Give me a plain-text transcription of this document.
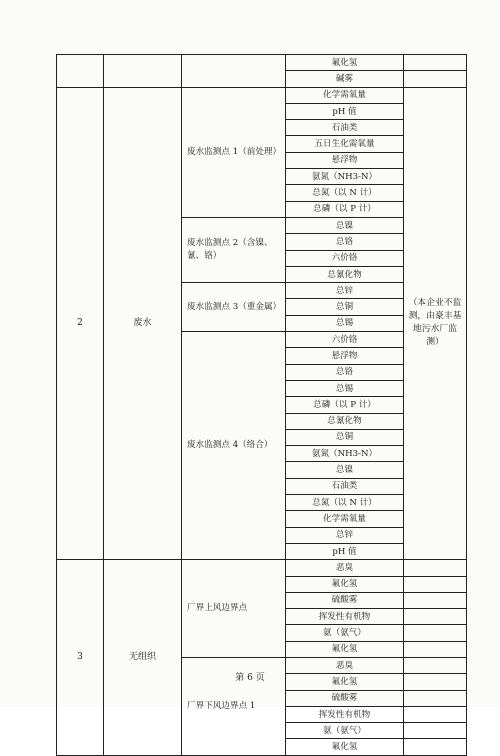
			氟化氢	
			碱雾	
2	废水	废水监测点 1（前处理）	化学需氧量	（本企业不监测，由豪丰基地污水厂监测）
			pH 值	
			石油类	
			五日生化需氧量	
			悬浮物	
			氨氮（NH3-N）	
			总氮（以 N 计）	
			总磷（以 P 计）	
		废水监测点 2（含镍、氰、铬）	总镍	
			总铬	
			六价铬	
			总氰化物	
		废水监测点 3（重金属）	总锌	
			总铜	
			总锡	
		废水监测点 4（络合）	六价铬	
			悬浮物	
			总铬	
			总锡	
			总磷（以 P 计）	
			总氰化物	
			总铜	
			氨氮（NH3-N）	
			总镍	
			石油类	
			总氮（以 N 计）	
			化学需氧量	
			总锌	
			pH 值	
3	无组织	厂界上风边界点	恶臭	
			氟化氢	
			硫酸雾	
			挥发性有机物	
			氨（氨气）	
			氟化氢	
		厂界下风边界点 1	恶臭	
			氟化氢	
			硫酸雾	
			挥发性有机物	
			氨（氨气）	
			氟化氢	
第 6 页
